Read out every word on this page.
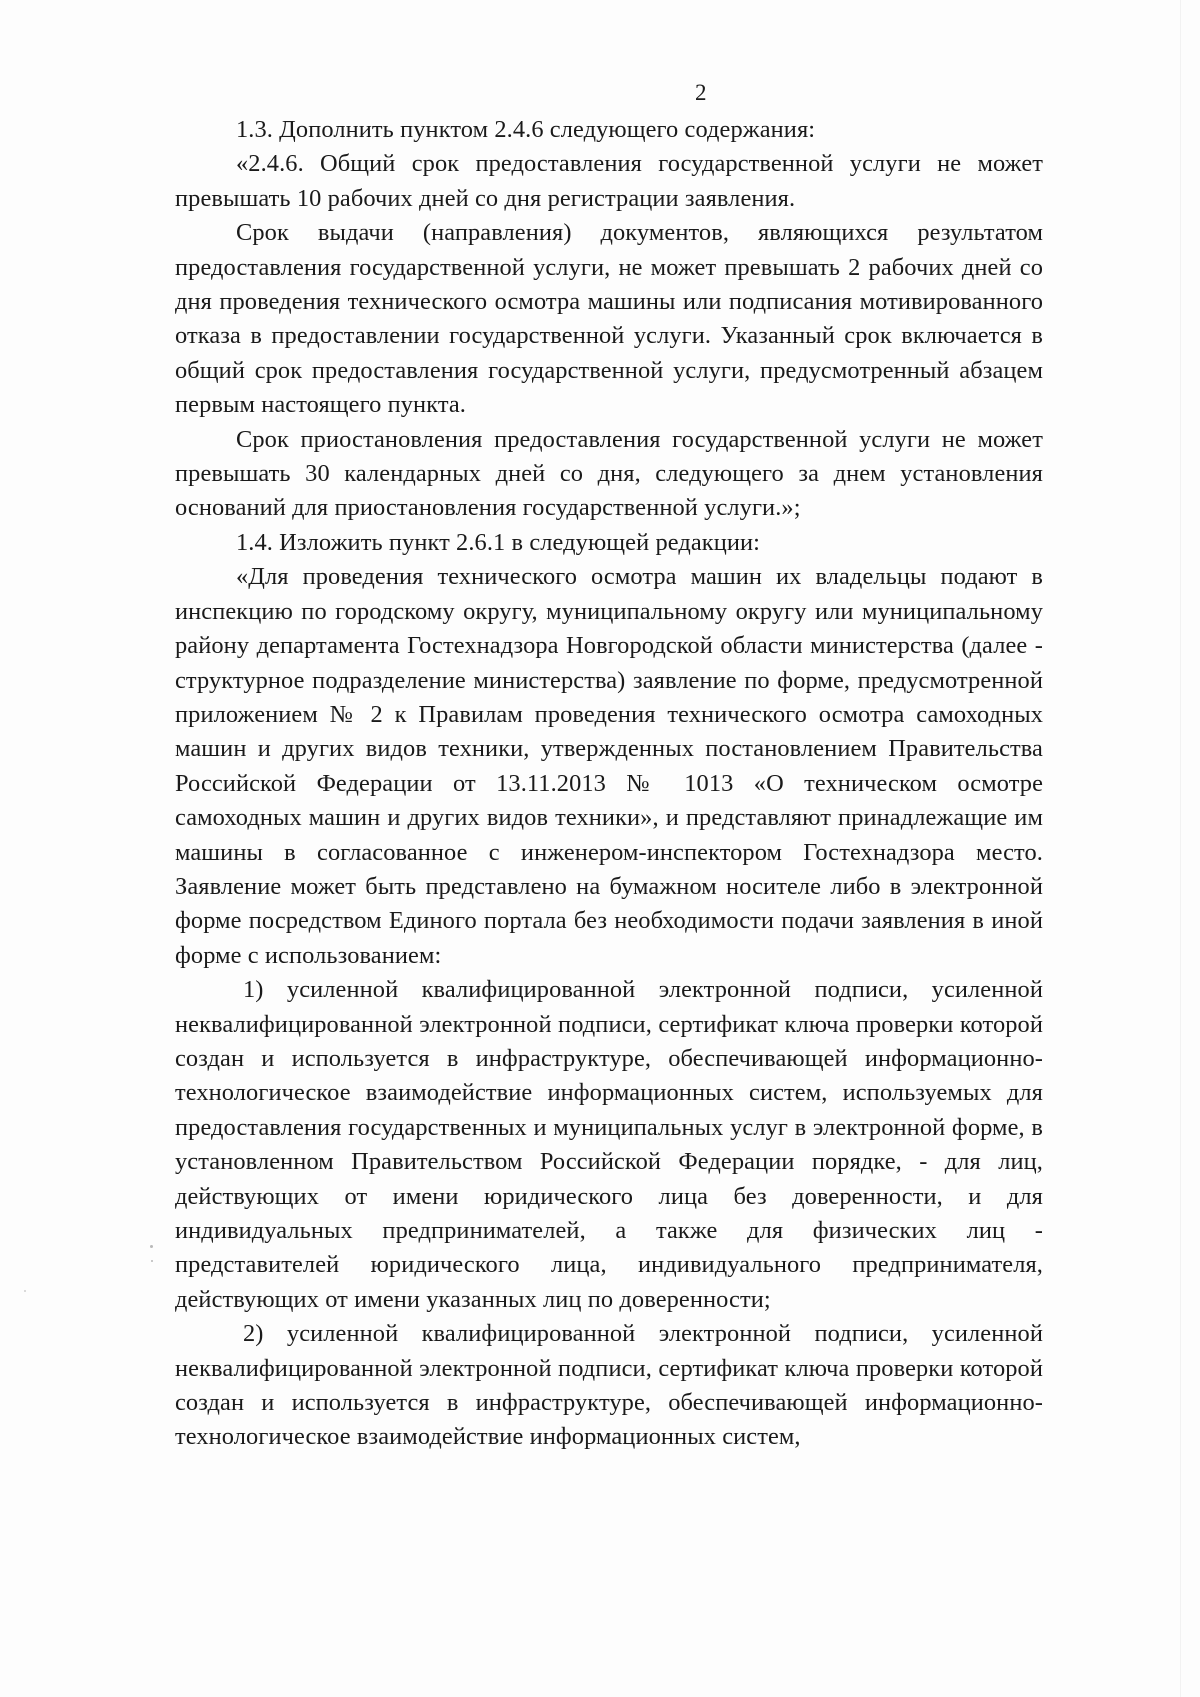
2

1.3. Дополнить пунктом 2.4.6 следующего содержания:

«2.4.6. Общий срок предоставления государственной услуги не может превышать 10 рабочих дней со дня регистрации заявления.

Срок выдачи (направления) документов, являющихся результатом предоставления государственной услуги, не может превышать 2 рабочих дней со дня проведения технического осмотра машины или подписания мотивированного отказа в предоставлении государственной услуги. Указанный срок включается в общий срок предоставления государственной услуги, предусмотренный абзацем первым настоящего пункта.

Срок приостановления предоставления государственной услуги не может превышать 30 календарных дней со дня, следующего за днем установления оснований для приостановления государственной услуги.»;

1.4. Изложить пункт 2.6.1 в следующей редакции:

«Для проведения технического осмотра машин их владельцы подают в инспекцию по городскому округу, муниципальному округу или муниципальному району департамента Гостехнадзора Новгородской области министерства (далее - структурное подразделение министерства) заявление по форме, предусмотренной приложением № 2 к Правилам проведения технического осмотра самоходных машин и других видов техники, утвержденных постановлением Правительства Российской Федерации от 13.11.2013 № 1013 «О техническом осмотре самоходных машин и других видов техники», и представляют принадлежащие им машины в согласованное с инженером-инспектором Гостехнадзора место. Заявление может быть представлено на бумажном носителе либо в электронной форме посредством Единого портала без необходимости подачи заявления в иной форме с использованием:

1) усиленной квалифицированной электронной подписи, усиленной неквалифицированной электронной подписи, сертификат ключа проверки которой создан и используется в инфраструктуре, обеспечивающей информационно-технологическое взаимодействие информационных систем, используемых для предоставления государственных и муниципальных услуг в электронной форме, в установленном Правительством Российской Федерации порядке, - для лиц, действующих от имени юридического лица без доверенности, и для индивидуальных предпринимателей, а также для физических лиц - представителей юридического лица, индивидуального предпринимателя, действующих от имени указанных лиц по доверенности;

2) усиленной квалифицированной электронной подписи, усиленной неквалифицированной электронной подписи, сертификат ключа проверки которой создан и используется в инфраструктуре, обеспечивающей информационно-технологическое взаимодействие информационных систем,
